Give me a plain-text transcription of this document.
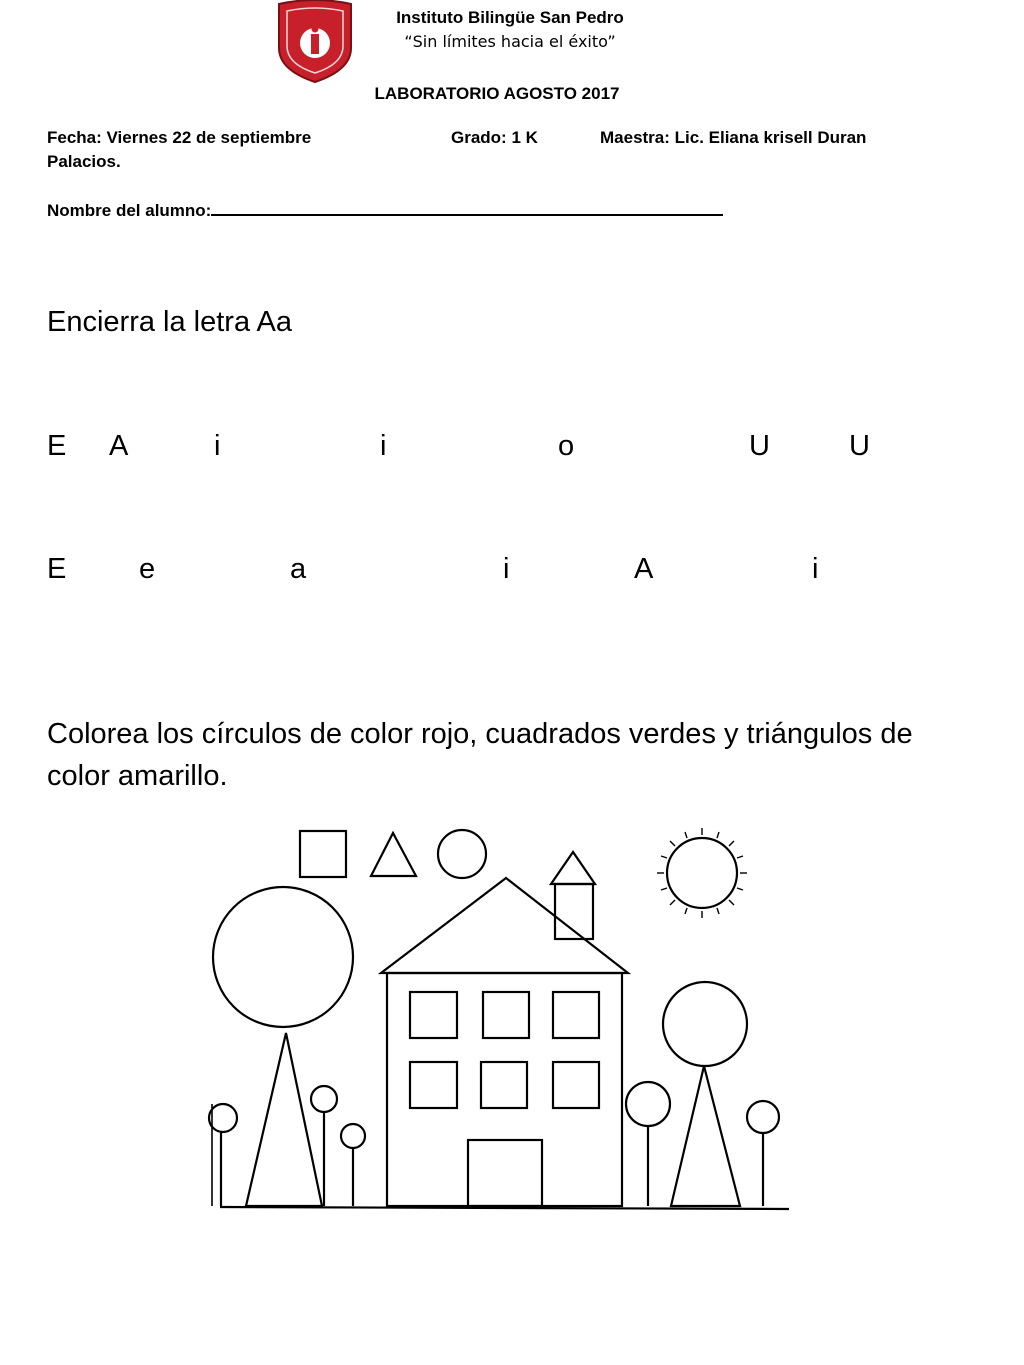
Instituto Bilingüe San Pedro
“Sin límites hacia el éxito”
LABORATORIO AGOSTO 2017
Fecha: Viernes 22 de septiembre	Grado: 1 K	Maestra: Lic. Eliana krisell Duran
Palacios.
Nombre del alumno:
Encierra la letra Aa
E A	i	i	o	U	U
E	e	a	i	A	i
Colorea los círculos de color rojo, cuadrados verdes y triángulos de color amarillo.
